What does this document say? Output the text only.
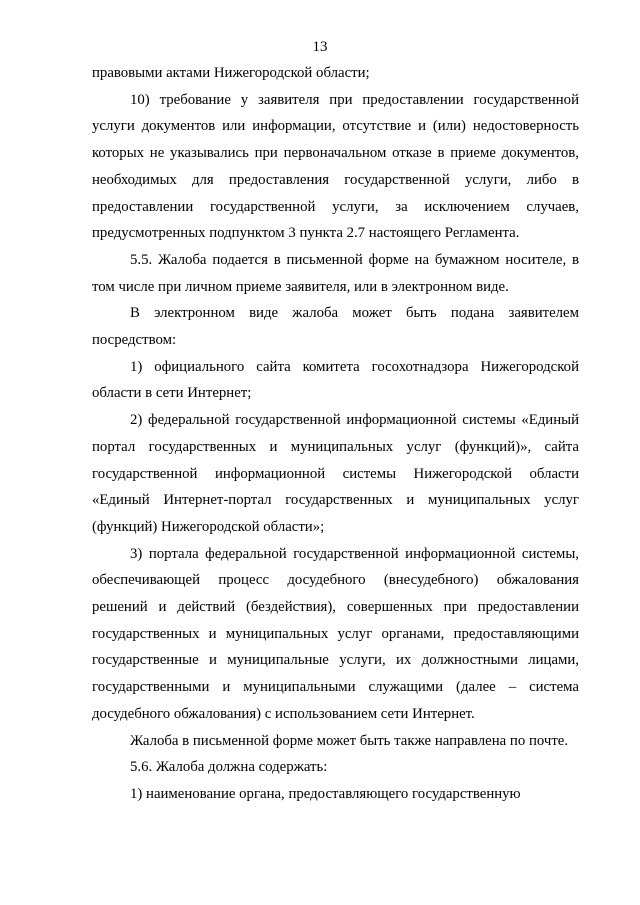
13

правовыми актами Нижегородской области;

10) требование у заявителя при предоставлении государственной услуги документов или информации, отсутствие и (или) недостоверность которых не указывались при первоначальном отказе в приеме документов, необходимых для предоставления государственной услуги, либо в предоставлении государственной услуги, за исключением случаев, предусмотренных подпунктом 3 пункта 2.7 настоящего Регламента.

5.5. Жалоба подается в письменной форме на бумажном носителе, в том числе при личном приеме заявителя, или в электронном виде.

В электронном виде жалоба может быть подана заявителем посредством:

1) официального сайта комитета госохотнадзора Нижегородской области в сети Интернет;

2) федеральной государственной информационной системы «Единый портал государственных и муниципальных услуг (функций)», сайта государственной информационной системы Нижегородской области «Единый Интернет-портал государственных и муниципальных услуг (функций) Нижегородской области»;

3) портала федеральной государственной информационной системы, обеспечивающей процесс досудебного (внесудебного) обжалования решений и действий (бездействия), совершенных при предоставлении государственных и муниципальных услуг органами, предоставляющими государственные и муниципальные услуги, их должностными лицами, государственными и муниципальными служащими (далее – система досудебного обжалования) с использованием сети Интернет.

Жалоба в письменной форме может быть также направлена по почте.

5.6. Жалоба должна содержать:

1) наименование органа, предоставляющего государственную
